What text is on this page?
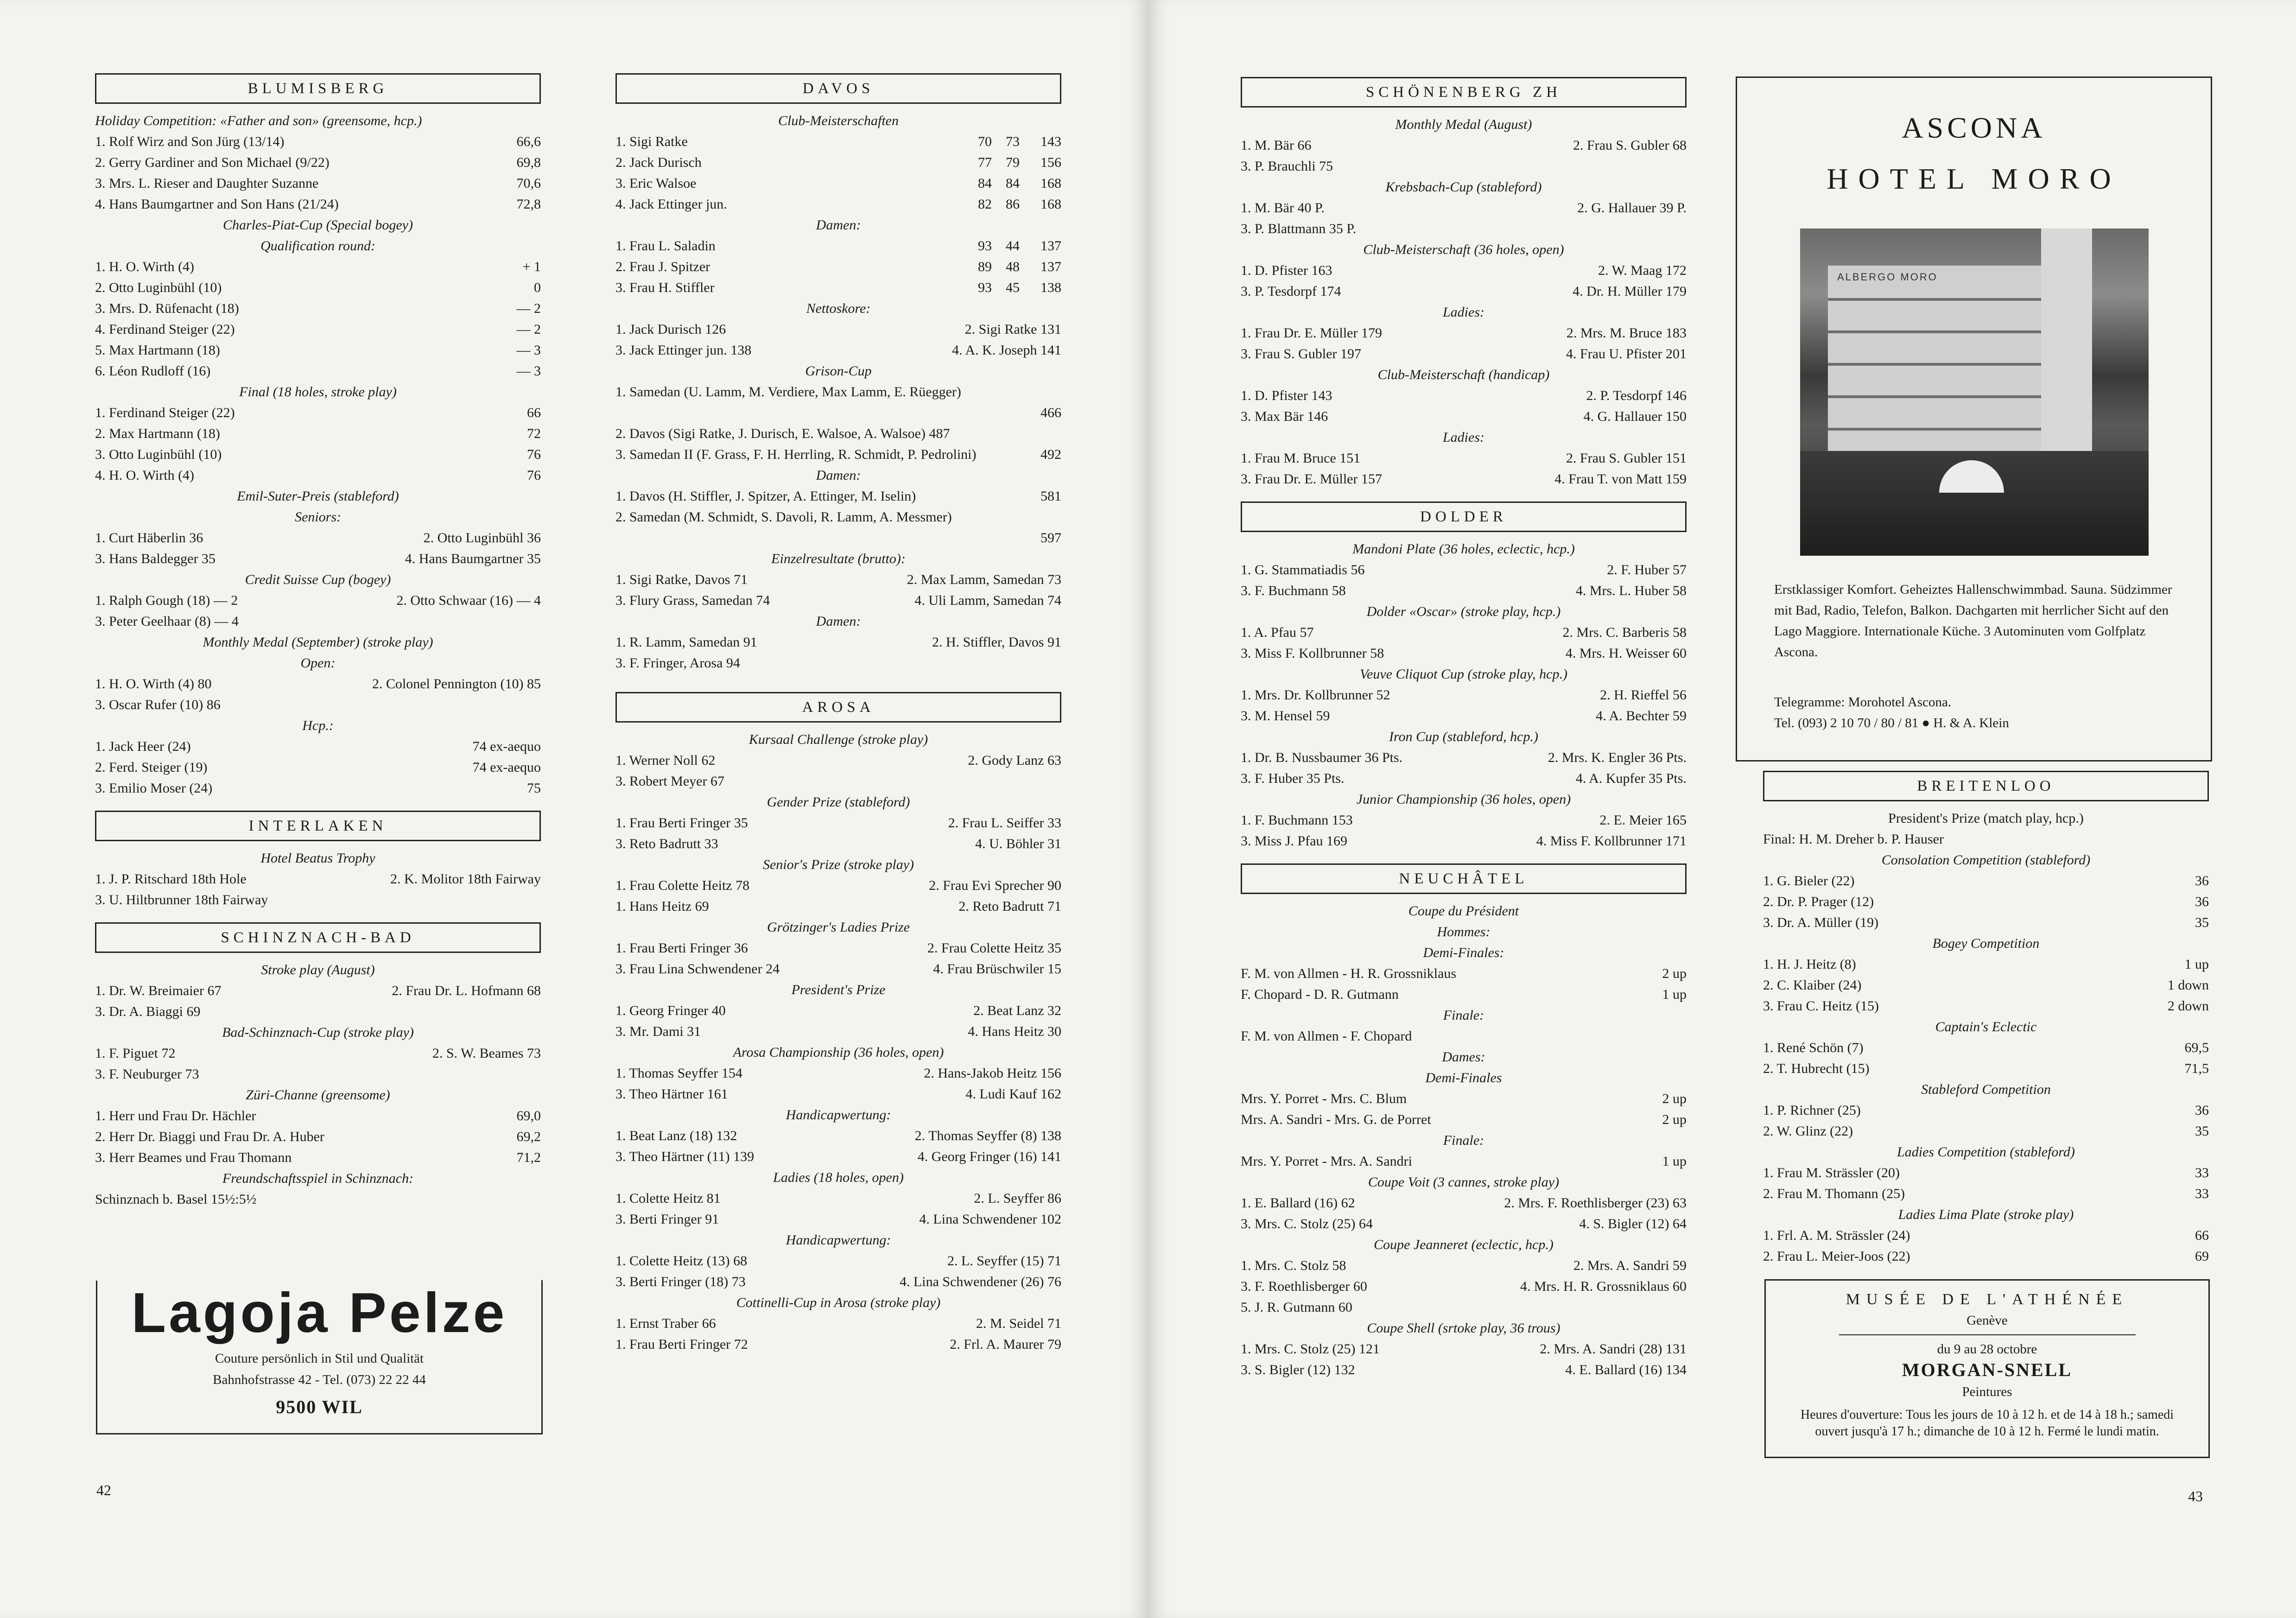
BLUMISBERG
Holiday Competition: «Father and son» (greensome, hcp.)
1. Rolf Wirz and Son Jürg (13/14)	66,6
2. Gerry Gardiner and Son Michael (9/22)	69,8
3. Mrs. L. Rieser and Daughter Suzanne	70,6
4. Hans Baumgartner and Son Hans (21/24)	72,8
Charles-Piat-Cup (Special bogey)
Qualification round:
1. H. O. Wirth (4)	+ 1
2. Otto Luginbühl (10)	0
3. Mrs. D. Rüfenacht (18)	— 2
4. Ferdinand Steiger (22)	— 2
5. Max Hartmann (18)	— 3
6. Léon Rudloff (16)	— 3
Final (18 holes, stroke play)
1. Ferdinand Steiger (22)	66
2. Max Hartmann (18)	72
3. Otto Luginbühl (10)	76
4. H. O. Wirth (4)	76
Emil-Suter-Preis (stableford)
Seniors:
1. Curt Häberlin 36	2. Otto Luginbühl 36
3. Hans Baldegger 35	4. Hans Baumgartner 35
Credit Suisse Cup (bogey)
1. Ralph Gough (18) — 2	2. Otto Schwaar (16) — 4
3. Peter Geelhaar (8) — 4
Monthly Medal (September) (stroke play)
Open:
1. H. O. Wirth (4) 80	2. Colonel Pennington (10) 85
3. Oscar Rufer (10) 86
Hcp.:
1. Jack Heer (24)	74 ex-aequo
2. Ferd. Steiger (19)	74 ex-aequo
3. Emilio Moser (24)	75
INTERLAKEN
Hotel Beatus Trophy
1. J. P. Ritschard 18th Hole	2. K. Molitor 18th Fairway
3. U. Hiltbrunner 18th Fairway
SCHINZNACH-BAD
Stroke play (August)
1. Dr. W. Breimaier 67	2. Frau Dr. L. Hofmann 68
3. Dr. A. Biaggi 69
Bad-Schinznach-Cup (stroke play)
1. F. Piguet 72	2. S. W. Beames 73
3. F. Neuburger 73
Züri-Channe (greensome)
1. Herr und Frau Dr. Hächler	69,0
2. Herr Dr. Biaggi und Frau Dr. A. Huber	69,2
3. Herr Beames und Frau Thomann	71,2
Freundschaftsspiel in Schinznach:
Schinznach b. Basel 15½:5½
Lagoja Pelze
Couture persönlich in Stil und Qualität
Bahnhofstrasse 42 - Tel. (073) 22 22 44
9500 WIL
DAVOS
Club-Meisterschaften
1. Sigi Ratke	70 73 143
2. Jack Durisch	77 79 156
3. Eric Walsoe	84 84 168
4. Jack Ettinger jun.	82 86 168
Damen:
1. Frau L. Saladin	93 44 137
2. Frau J. Spitzer	89 48 137
3. Frau H. Stiffler	93 45 138
Nettoskore:
1. Jack Durisch 126	2. Sigi Ratke 131
3. Jack Ettinger jun. 138	4. A. K. Joseph 141
Grison-Cup
1. Samedan (U. Lamm, M. Verdiere, Max Lamm, E. Rüegger)
466
2. Davos (Sigi Ratke, J. Durisch, E. Walsoe, A. Walsoe) 487
3. Samedan II (F. Grass, F. H. Herrling, R. Schmidt, P. Pedrolini)	492
Damen:
1. Davos (H. Stiffler, J. Spitzer, A. Ettinger, M. Iselin)	581
2. Samedan (M. Schmidt, S. Davoli, R. Lamm, A. Messmer)
597
Einzelresultate (brutto):
1. Sigi Ratke, Davos 71	2. Max Lamm, Samedan 73
3. Flury Grass, Samedan 74	4. Uli Lamm, Samedan 74
Damen:
1. R. Lamm, Samedan 91	2. H. Stiffler, Davos 91
3. F. Fringer, Arosa 94
AROSA
Kursaal Challenge (stroke play)
1. Werner Noll 62	2. Gody Lanz 63
3. Robert Meyer 67
Gender Prize (stableford)
1. Frau Berti Fringer 35	2. Frau L. Seiffer 33
3. Reto Badrutt 33	4. U. Böhler 31
Senior's Prize (stroke play)
1. Frau Colette Heitz 78	2. Frau Evi Sprecher 90
1. Hans Heitz 69	2. Reto Badrutt 71
Grötzinger's Ladies Prize
1. Frau Berti Fringer 36	2. Frau Colette Heitz 35
3. Frau Lina Schwendener 24	4. Frau Brüschwiler 15
President's Prize
1. Georg Fringer 40	2. Beat Lanz 32
3. Mr. Dami 31	4. Hans Heitz 30
Arosa Championship (36 holes, open)
1. Thomas Seyffer 154	2. Hans-Jakob Heitz 156
3. Theo Härtner 161	4. Ludi Kauf 162
Handicapwertung:
1. Beat Lanz (18) 132	2. Thomas Seyffer (8) 138
3. Theo Härtner (11) 139	4. Georg Fringer (16) 141
Ladies (18 holes, open)
1. Colette Heitz 81	2. L. Seyffer 86
3. Berti Fringer 91	4. Lina Schwendener 102
Handicapwertung:
1. Colette Heitz (13) 68	2. L. Seyffer (15) 71
3. Berti Fringer (18) 73	4. Lina Schwendener (26) 76
Cottinelli-Cup in Arosa (stroke play)
1. Ernst Traber 66	2. M. Seidel 71
1. Frau Berti Fringer 72	2. Frl. A. Maurer 79
42
SCHÖNENBERG ZH
Monthly Medal (August)
1. M. Bär 66	2. Frau S. Gubler 68
3. P. Brauchli 75
Krebsbach-Cup (stableford)
1. M. Bär 40 P.	2. G. Hallauer 39 P.
3. P. Blattmann 35 P.
Club-Meisterschaft (36 holes, open)
1. D. Pfister 163	2. W. Maag 172
3. P. Tesdorpf 174	4. Dr. H. Müller 179
Ladies:
1. Frau Dr. E. Müller 179	2. Mrs. M. Bruce 183
3. Frau S. Gubler 197	4. Frau U. Pfister 201
Club-Meisterschaft (handicap)
1. D. Pfister 143	2. P. Tesdorpf 146
3. Max Bär 146	4. G. Hallauer 150
Ladies:
1. Frau M. Bruce 151	2. Frau S. Gubler 151
3. Frau Dr. E. Müller 157	4. Frau T. von Matt 159
DOLDER
Mandoni Plate (36 holes, eclectic, hcp.)
1. G. Stammatiadis 56	2. F. Huber 57
3. F. Buchmann 58	4. Mrs. L. Huber 58
Dolder «Oscar» (stroke play, hcp.)
1. A. Pfau 57	2. Mrs. C. Barberis 58
3. Miss F. Kollbrunner 58	4. Mrs. H. Weisser 60
Veuve Cliquot Cup (stroke play, hcp.)
1. Mrs. Dr. Kollbrunner 52	2. H. Rieffel 56
3. M. Hensel 59	4. A. Bechter 59
Iron Cup (stableford, hcp.)
1. Dr. B. Nussbaumer 36 Pts.	2. Mrs. K. Engler 36 Pts.
3. F. Huber 35 Pts.	4. A. Kupfer 35 Pts.
Junior Championship (36 holes, open)
1. F. Buchmann 153	2. E. Meier 165
3. Miss J. Pfau 169	4. Miss F. Kollbrunner 171
NEUCHÂTEL
Coupe du Président
Hommes:
Demi-Finales:
F. M. von Allmen - H. R. Grossniklaus	2 up
F. Chopard - D. R. Gutmann	1 up
Finale:
F. M. von Allmen - F. Chopard
Dames:
Demi-Finales
Mrs. Y. Porret - Mrs. C. Blum	2 up
Mrs. A. Sandri - Mrs. G. de Porret	2 up
Finale:
Mrs. Y. Porret - Mrs. A. Sandri	1 up
Coupe Voit (3 cannes, stroke play)
1. E. Ballard (16) 62	2. Mrs. F. Roethlisberger (23) 63
3. Mrs. C. Stolz (25) 64	4. S. Bigler (12) 64
Coupe Jeanneret (eclectic, hcp.)
1. Mrs. C. Stolz 58	2. Mrs. A. Sandri 59
3. F. Roethlisberger 60	4. Mrs. H. R. Grossniklaus 60
5. J. R. Gutmann 60
Coupe Shell (srtoke play, 36 trous)
1. Mrs. C. Stolz (25) 121	2. Mrs. A. Sandri (28) 131
3. S. Bigler (12) 132	4. E. Ballard (16) 134
ASCONA
HOTEL MORO
ALBERGO MORO
Erstklassiger Komfort. Geheiztes Hallenschwimmbad. Sauna. Südzimmer mit Bad, Radio, Telefon, Balkon. Dachgarten mit herrlicher Sicht auf den Lago Maggiore. Internationale Küche. 3 Autominuten vom Golfplatz Ascona.
Telegramme: Morohotel Ascona.
Tel. (093) 2 10 70 / 80 / 81 ● H. & A. Klein
BREITENLOO
President's Prize (match play, hcp.)
Final: H. M. Dreher b. P. Hauser
Consolation Competition (stableford)
1. G. Bieler (22)	36
2. Dr. P. Prager (12)	36
3. Dr. A. Müller (19)	35
Bogey Competition
1. H. J. Heitz (8)	1 up
2. C. Klaiber (24)	1 down
3. Frau C. Heitz (15)	2 down
Captain's Eclectic
1. René Schön (7)	69,5
2. T. Hubrecht (15)	71,5
Stableford Competition
1. P. Richner (25)	36
2. W. Glinz (22)	35
Ladies Competition (stableford)
1. Frau M. Strässler (20)	33
2. Frau M. Thomann (25)	33
Ladies Lima Plate (stroke play)
1. Frl. A. M. Strässler (24)	66
2. Frau L. Meier-Joos (22)	69
MUSÉE DE L'ATHÉNÉE
Genève
du 9 au 28 octobre
MORGAN-SNELL
Peintures
Heures d'ouverture: Tous les jours de 10 à 12 h. et de 14 à 18 h.; samedi ouvert jusqu'à 17 h.; dimanche de 10 à 12 h. Fermé le lundi matin.
43
